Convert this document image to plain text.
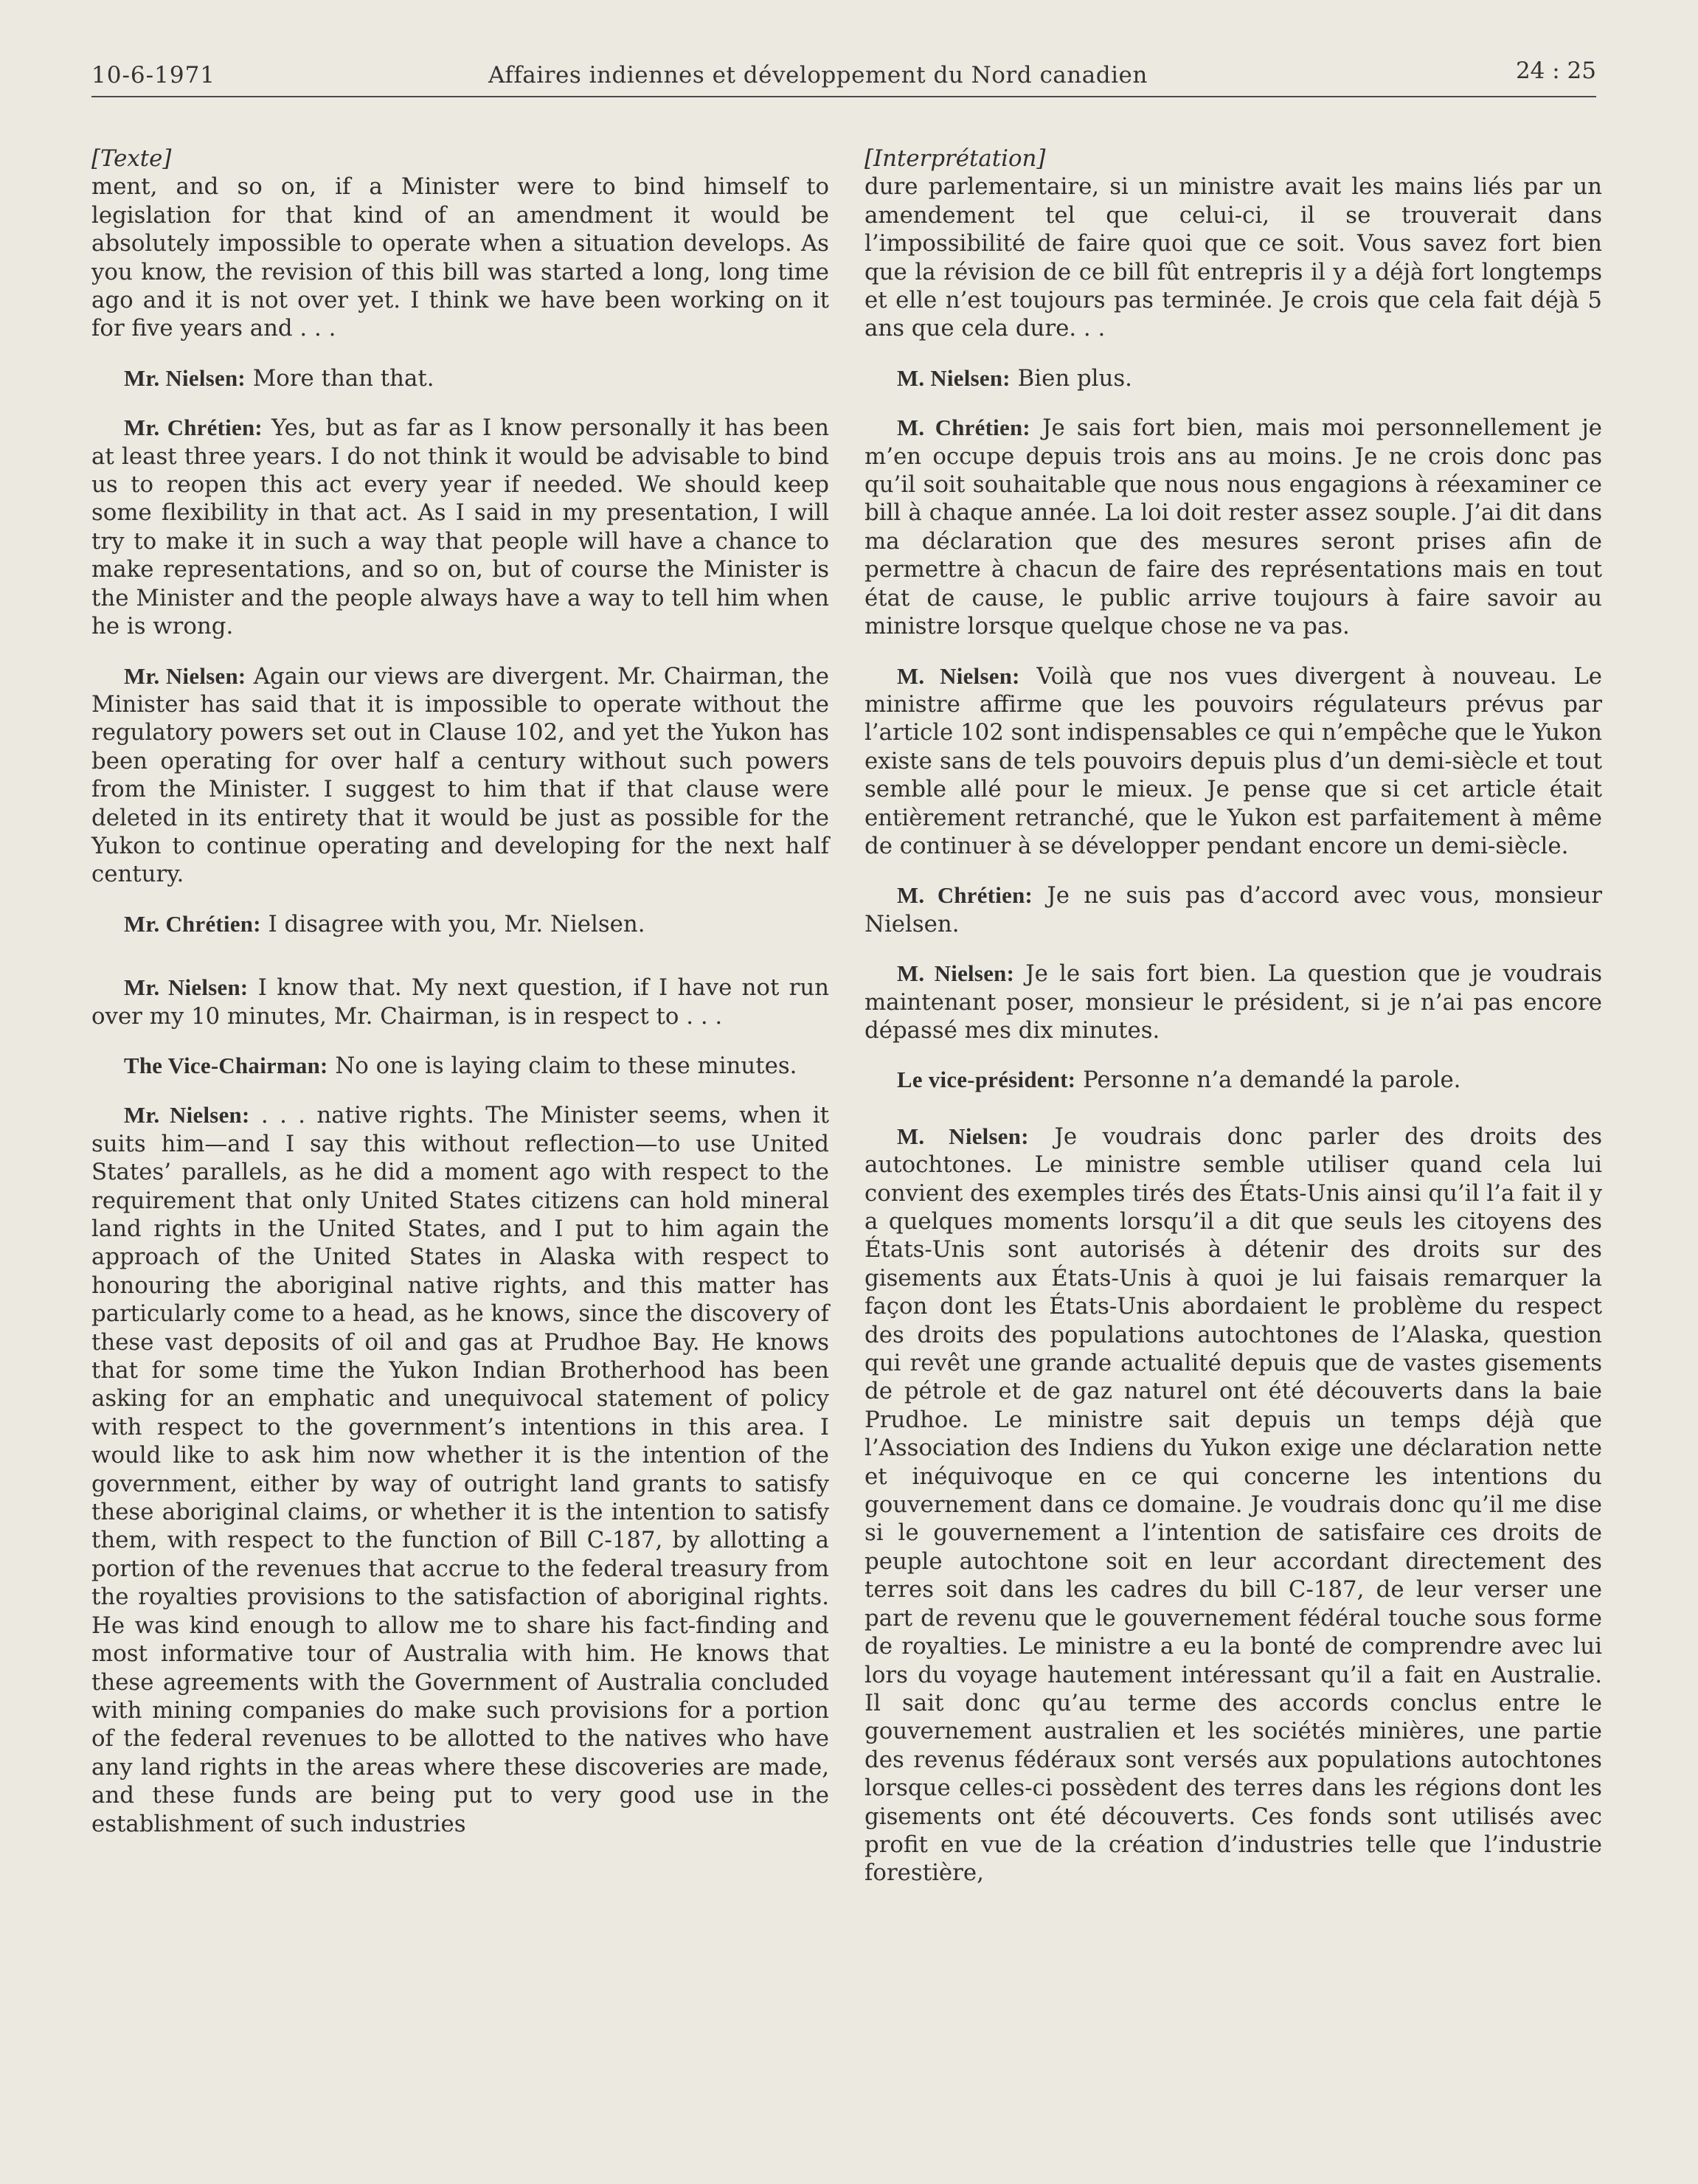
10-6-1971	Affaires indiennes et développement du Nord canadien	24 : 25
[Texte]

ment, and so on, if a Minister were to bind himself to legislation for that kind of an amendment it would be absolutely impossible to operate when a situation develops. As you know, the revision of this bill was started a long, long time ago and it is not over yet. I think we have been working on it for five years and . . .

Mr. Nielsen: More than that.

Mr. Chrétien: Yes, but as far as I know personally it has been at least three years. I do not think it would be advisable to bind us to reopen this act every year if needed. We should keep some flexibility in that act. As I said in my presentation, I will try to make it in such a way that people will have a chance to make representations, and so on, but of course the Minister is the Minister and the people always have a way to tell him when he is wrong.

Mr. Nielsen: Again our views are divergent. Mr. Chairman, the Minister has said that it is impossible to operate without the regulatory powers set out in Clause 102, and yet the Yukon has been operating for over half a century without such powers from the Minister. I suggest to him that if that clause were deleted in its entirety that it would be just as possible for the Yukon to continue operating and developing for the next half century.

Mr. Chrétien: I disagree with you, Mr. Nielsen.

Mr. Nielsen: I know that. My next question, if I have not run over my 10 minutes, Mr. Chairman, is in respect to . . .

The Vice-Chairman: No one is laying claim to these minutes.

Mr. Nielsen: . . . native rights. The Minister seems, when it suits him—and I say this without reflection—to use United States’ parallels, as he did a moment ago with respect to the requirement that only United States citizens can hold mineral land rights in the United States, and I put to him again the approach of the United States in Alaska with respect to honouring the aboriginal native rights, and this matter has particularly come to a head, as he knows, since the discovery of these vast deposits of oil and gas at Prudhoe Bay. He knows that for some time the Yukon Indian Brotherhood has been asking for an emphatic and unequivocal statement of policy with respect to the government’s intentions in this area. I would like to ask him now whether it is the intention of the government, either by way of outright land grants to satisfy these aboriginal claims, or whether it is the intention to satisfy them, with respect to the function of Bill C-187, by allotting a portion of the revenues that accrue to the federal treasury from the royalties provisions to the satisfaction of aboriginal rights. He was kind enough to allow me to share his fact-finding and most informative tour of Australia with him. He knows that these agreements with the Government of Australia concluded with mining companies do make such provisions for a portion of the federal revenues to be allotted to the natives who have any land rights in the areas where these discoveries are made, and these funds are being put to very good use in the establishment of such industries

[Interprétation]

dure parlementaire, si un ministre avait les mains liés par un amendement tel que celui-ci, il se trouverait dans l’impossibilité de faire quoi que ce soit. Vous savez fort bien que la révision de ce bill fût entrepris il y a déjà fort longtemps et elle n’est toujours pas terminée. Je crois que cela fait déjà 5 ans que cela dure. . .

M. Nielsen: Bien plus.

M. Chrétien: Je sais fort bien, mais moi personnellement je m’en occupe depuis trois ans au moins. Je ne crois donc pas qu’il soit souhaitable que nous nous engagions à réexaminer ce bill à chaque année. La loi doit rester assez souple. J’ai dit dans ma déclaration que des mesures seront prises afin de permettre à chacun de faire des représentations mais en tout état de cause, le public arrive toujours à faire savoir au ministre lorsque quelque chose ne va pas.

M. Nielsen: Voilà que nos vues divergent à nouveau. Le ministre affirme que les pouvoirs régulateurs prévus par l’article 102 sont indispensables ce qui n’empêche que le Yukon existe sans de tels pouvoirs depuis plus d’un demi-siècle et tout semble allé pour le mieux. Je pense que si cet article était entièrement retranché, que le Yukon est parfaitement à même de continuer à se développer pendant encore un demi-siècle.

M. Chrétien: Je ne suis pas d’accord avec vous, monsieur Nielsen.

M. Nielsen: Je le sais fort bien. La question que je voudrais maintenant poser, monsieur le président, si je n’ai pas encore dépassé mes dix minutes.

Le vice-président: Personne n’a demandé la parole.

M. Nielsen: Je voudrais donc parler des droits des autochtones. Le ministre semble utiliser quand cela lui convient des exemples tirés des États-Unis ainsi qu’il l’a fait il y a quelques moments lorsqu’il a dit que seuls les citoyens des États-Unis sont autorisés à détenir des droits sur des gisements aux États-Unis à quoi je lui faisais remarquer la façon dont les États-Unis abordaient le problème du respect des droits des populations autochtones de l’Alaska, question qui revêt une grande actualité depuis que de vastes gisements de pétrole et de gaz naturel ont été découverts dans la baie Prudhoe. Le ministre sait depuis un temps déjà que l’Association des Indiens du Yukon exige une déclaration nette et inéquivoque en ce qui concerne les intentions du gouvernement dans ce domaine. Je voudrais donc qu’il me dise si le gouvernement a l’intention de satisfaire ces droits de peuple autochtone soit en leur accordant directement des terres soit dans les cadres du bill C-187, de leur verser une part de revenu que le gouvernement fédéral touche sous forme de royalties. Le ministre a eu la bonté de comprendre avec lui lors du voyage hautement intéressant qu’il a fait en Australie. Il sait donc qu’au terme des accords conclus entre le gouvernement australien et les sociétés minières, une partie des revenus fédéraux sont versés aux populations autochtones lorsque celles-ci possèdent des terres dans les régions dont les gisements ont été découverts. Ces fonds sont utilisés avec profit en vue de la création d’industries telle que l’industrie forestière,
